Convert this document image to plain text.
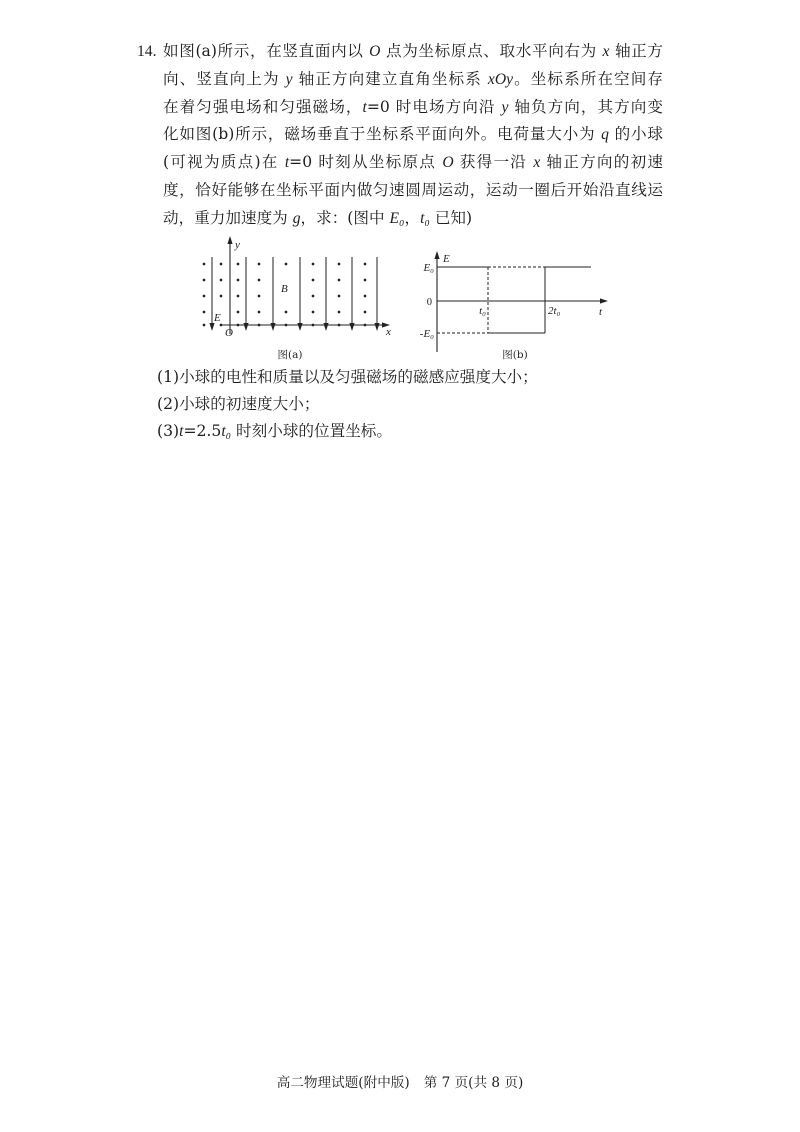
14. 如图(a)所示，在竖直面内以 O 点为坐标原点、取水平向右为 x 轴正方
向、竖直向上为 y 轴正方向建立直角坐标系 xOy。坐标系所在空间存
在着匀强电场和匀强磁场，t=0 时电场方向沿 y 轴负方向，其方向变
化如图(b)所示，磁场垂直于坐标系平面向外。电荷量大小为 q 的小球
(可视为质点)在 t=0 时刻从坐标原点 O 获得一沿 x 轴正方向的初速
度，恰好能够在坐标平面内做匀速圆周运动，运动一圈后开始沿直线运
动，重力加速度为 g，求：(图中 E₀，t₀ 已知)
y
x
O
B
E
图(a)
E
t
E₀
0
-E₀
t₀	2t₀
图(b)
(1)小球的电性和质量以及匀强磁场的磁感应强度大小；
(2)小球的初速度大小；
(3)t=2.5t₀ 时刻小球的位置坐标。
高二物理试题(附中版) 第 7 页(共 8 页)
